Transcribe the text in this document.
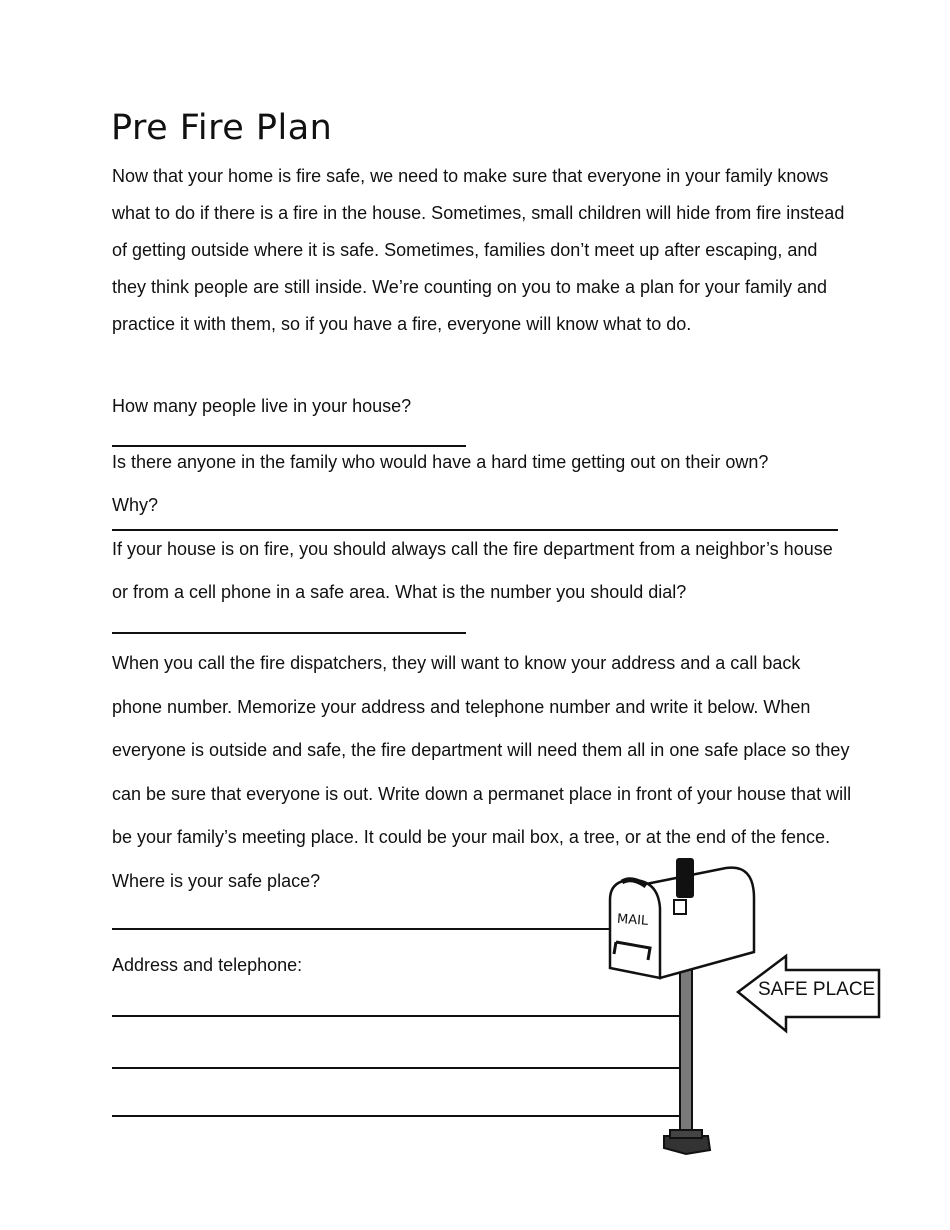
Pre Fire Plan

Now that your home is fire safe, we need to make sure that everyone in your family knows what to do if there is a fire in the house. Sometimes, small children will hide from fire instead of getting outside where it is safe. Sometimes, families don’t meet up after escaping, and they think people are still inside. We’re counting on you to make a plan for your family and practice it with them, so if you have a fire, everyone will know what to do.

How many people live in your house?

Is there anyone in the family who would have a hard time getting out on their own?

Why?

If your house is on fire, you should always call the fire department from a neighbor’s house or from a cell phone in a safe area. What is the number you should dial?

When you call the fire dispatchers, they will want to know your address and a call back phone number. Memorize your address and telephone number and write it below. When everyone is outside and safe, the fire department will need them all in one safe place so they can be sure that everyone is out. Write down a permanet place in front of your house that will be your family’s meeting place. It could be your mail box, a tree, or at the end of the fence. Where is your safe place?

Address and telephone:

MAIL
SAFE PLACE
